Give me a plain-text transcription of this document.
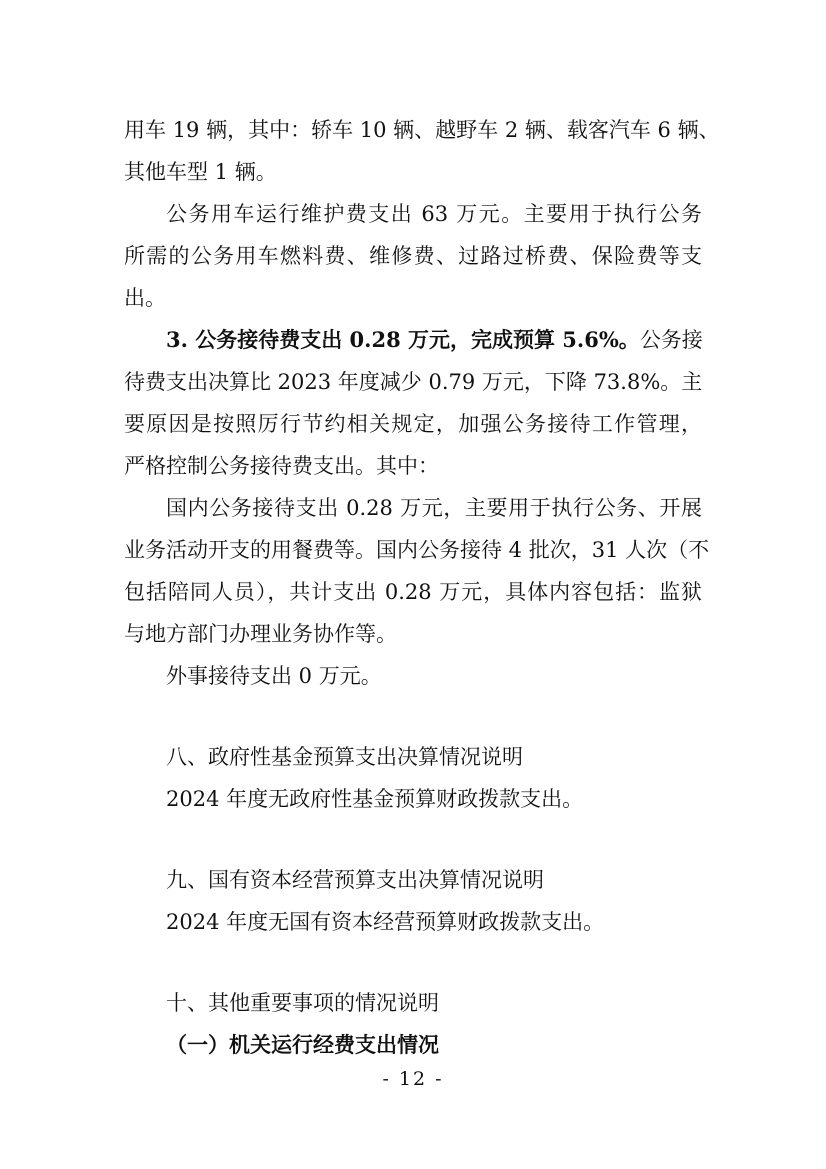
用车 19 辆，其中：轿车 10 辆、越野车 2 辆、载客汽车 6 辆、
其他车型 1 辆。
公务用车运行维护费支出 63 万元。主要用于执行公务
所需的公务用车燃料费、维修费、过路过桥费、保险费等支
出。
3. 公务接待费支出 0.28 万元，完成预算 5.6%。公务接
待费支出决算比 2023 年度减少 0.79 万元，下降 73.8%。主
要原因是按照厉行节约相关规定，加强公务接待工作管理，
严格控制公务接待费支出。其中：
国内公务接待支出 0.28 万元，主要用于执行公务、开展
业务活动开支的用餐费等。国内公务接待 4 批次，31 人次（不
包括陪同人员），共计支出 0.28 万元，具体内容包括：监狱
与地方部门办理业务协作等。
外事接待支出 0 万元。
八、政府性基金预算支出决算情况说明
2024 年度无政府性基金预算财政拨款支出。
九、国有资本经营预算支出决算情况说明
2024 年度无国有资本经营预算财政拨款支出。
十、其他重要事项的情况说明
（一）机关运行经费支出情况
- 12 -
